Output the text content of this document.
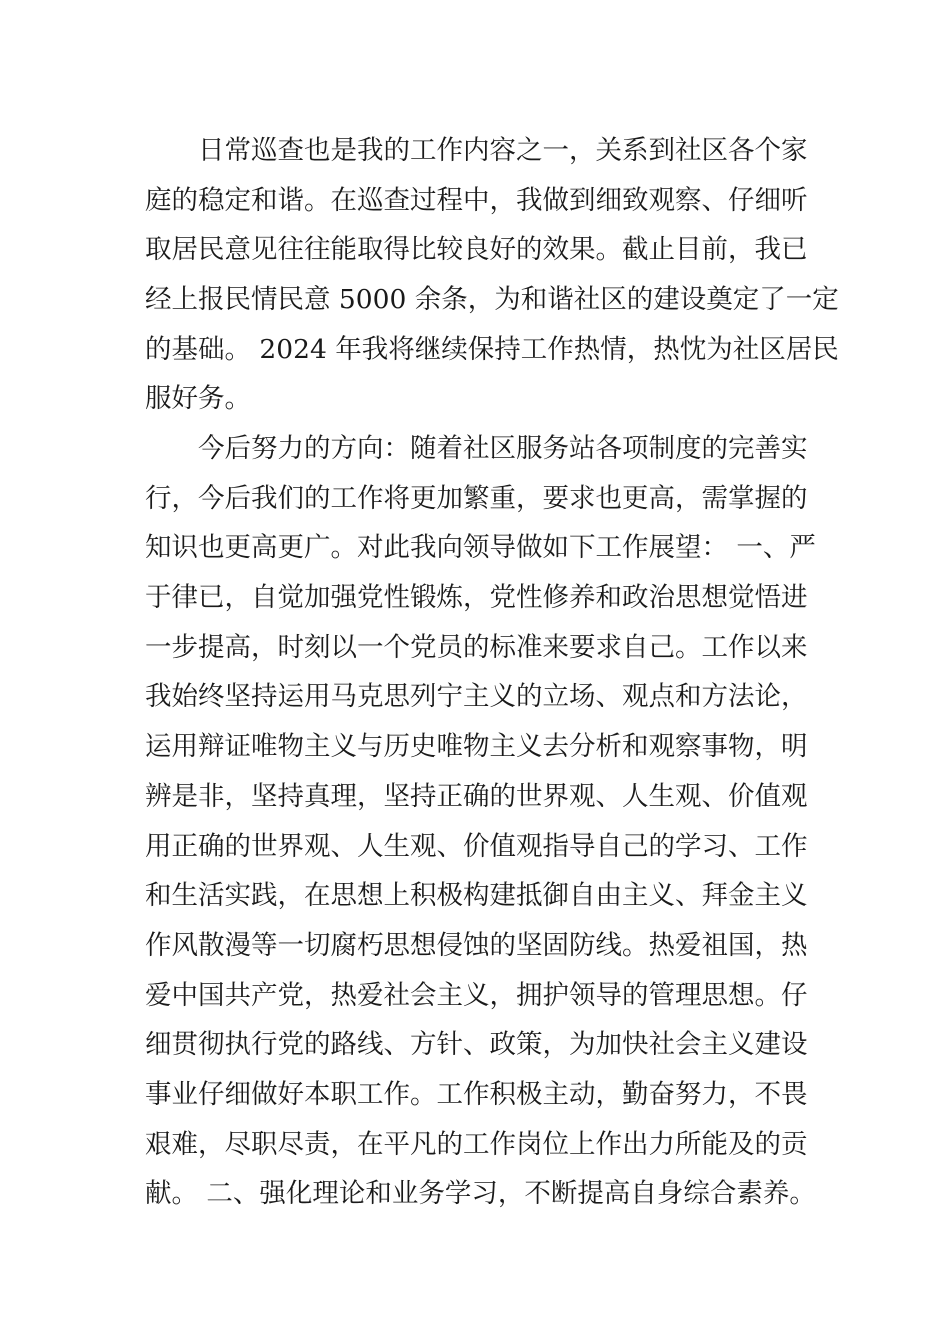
日常巡查也是我的工作内容之一，关系到社区各个家
庭的稳定和谐。在巡查过程中，我做到细致观察、仔细听
取居民意见往往能取得比较良好的效果。截止目前，我已
经上报民情民意 5000 余条，为和谐社区的建设奠定了一定
的基础。 2024 年我将继续保持工作热情，热忱为社区居民
服好务。
今后努力的方向：随着社区服务站各项制度的完善实
行，今后我们的工作将更加繁重，要求也更高，需掌握的
知识也更高更广。对此我向领导做如下工作展望： 一、严
于律已，自觉加强党性锻炼，党性修养和政治思想觉悟进
一步提高，时刻以一个党员的标准来要求自己。工作以来
我始终坚持运用马克思列宁主义的立场、观点和方法论，
运用辩证唯物主义与历史唯物主义去分析和观察事物，明
辨是非，坚持真理，坚持正确的世界观、人生观、价值观
用正确的世界观、人生观、价值观指导自己的学习、工作
和生活实践，在思想上积极构建抵御自由主义、拜金主义
作风散漫等一切腐朽思想侵蚀的坚固防线。热爱祖国，热
爱中国共产党，热爱社会主义，拥护领导的管理思想。仔
细贯彻执行党的路线、方针、政策，为加快社会主义建设
事业仔细做好本职工作。工作积极主动，勤奋努力，不畏
艰难，尽职尽责，在平凡的工作岗位上作出力所能及的贡
献。 二、强化理论和业务学习，不断提高自身综合素养。
